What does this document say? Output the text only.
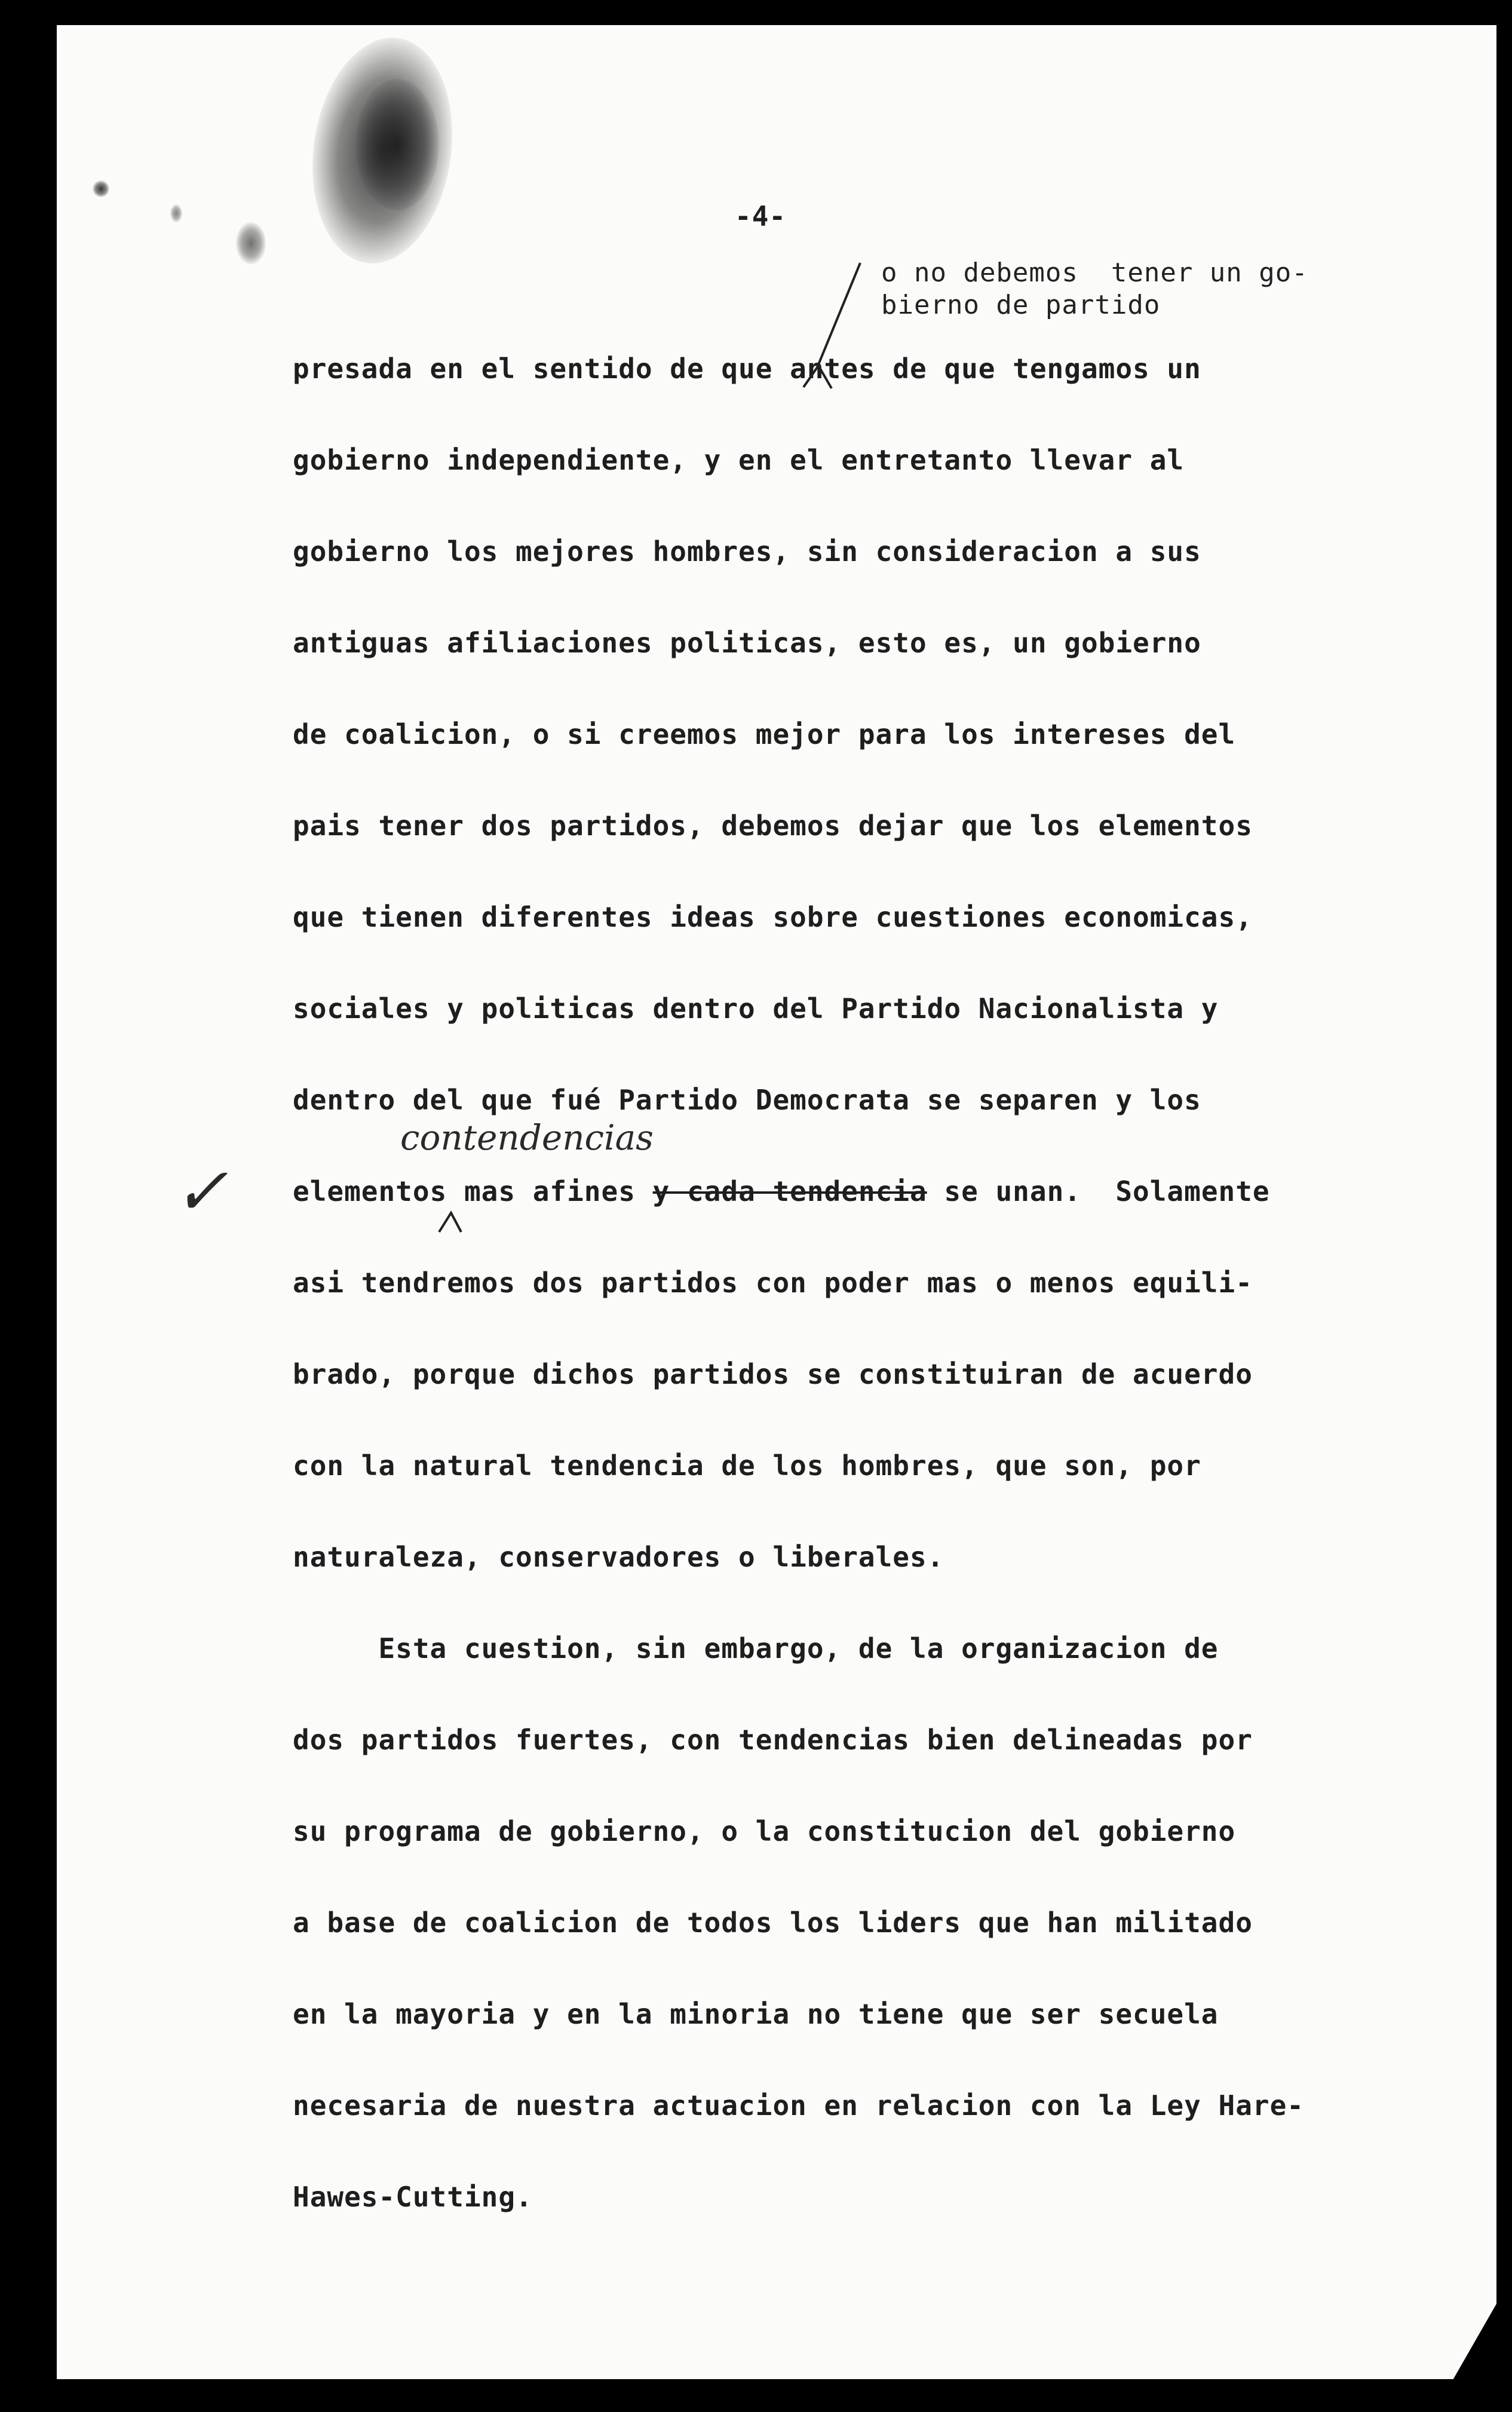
-4-
o no debemos  tener un go-
bierno de partido
✓
contendencias
presada en el sentido de que antes de que tengamos un
gobierno independiente, y en el entretanto llevar al
gobierno los mejores hombres, sin consideracion a sus
antiguas afiliaciones politicas, esto es, un gobierno
de coalicion, o si creemos mejor para los intereses del
pais tener dos partidos, debemos dejar que los elementos
que tienen diferentes ideas sobre cuestiones economicas,
sociales y politicas dentro del Partido Nacionalista y
dentro del que fué Partido Democrata se separen y los
elementos mas afines y cada tendencia se unan.  Solamente
asi tendremos dos partidos con poder mas o menos equili-
brado, porque dichos partidos se constituiran de acuerdo
con la natural tendencia de los hombres, que son, por
naturaleza, conservadores o liberales.
Esta cuestion, sin embargo, de la organizacion de
dos partidos fuertes, con tendencias bien delineadas por
su programa de gobierno, o la constitucion del gobierno
a base de coalicion de todos los liders que han militado
en la mayoria y en la minoria no tiene que ser secuela
necesaria de nuestra actuacion en relacion con la Ley Hare-
Hawes-Cutting.
